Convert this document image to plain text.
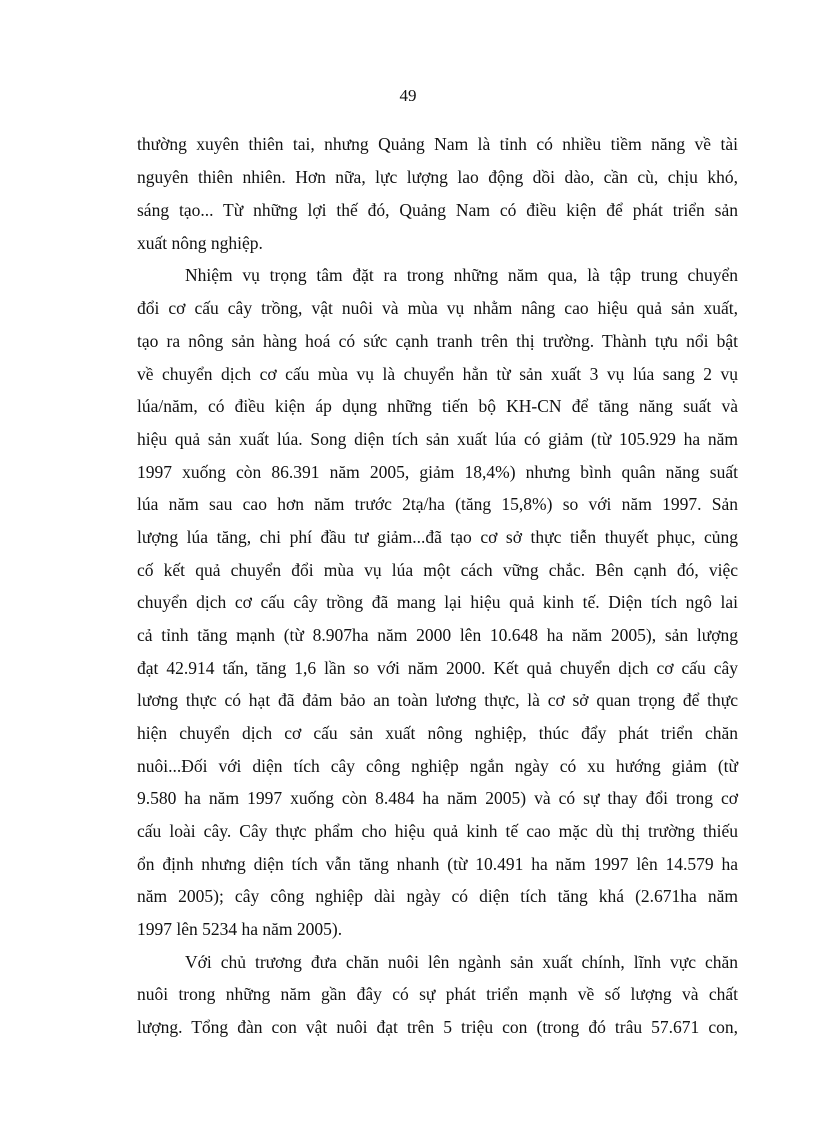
49
thường xuyên thiên tai, nhưng Quảng Nam là tỉnh có nhiều tiềm năng về tài
nguyên thiên nhiên. Hơn nữa, lực lượng lao động dồi dào, cần cù, chịu khó,
sáng tạo... Từ những lợi thế đó, Quảng Nam có điều kiện để phát triển sản
xuất nông nghiệp.
Nhiệm vụ trọng tâm đặt ra trong những năm qua, là tập trung chuyển
đổi cơ cấu cây trồng, vật nuôi và mùa vụ nhằm nâng cao hiệu quả sản xuất,
tạo ra nông sản hàng hoá có sức cạnh tranh trên thị trường. Thành tựu nổi bật
về chuyển dịch cơ cấu mùa vụ là chuyển hẳn từ sản xuất 3 vụ lúa sang 2 vụ
lúa/năm, có điều kiện áp dụng những tiến bộ KH-CN để tăng năng suất và
hiệu quả sản xuất lúa. Song diện tích sản xuất lúa có giảm (từ 105.929 ha năm
1997 xuống còn 86.391 năm 2005, giảm 18,4%) nhưng bình quân năng suất
lúa năm sau cao hơn năm trước 2tạ/ha (tăng 15,8%) so với năm 1997. Sản
lượng lúa tăng, chi phí đầu tư giảm...đã tạo cơ sở thực tiễn thuyết phục, củng
cố kết quả chuyển đổi mùa vụ lúa một cách vững chắc. Bên cạnh đó, việc
chuyển dịch cơ cấu cây trồng đã mang lại hiệu quả kinh tế. Diện tích ngô lai
cả tỉnh tăng mạnh (từ 8.907ha năm 2000 lên 10.648 ha năm 2005), sản lượng
đạt 42.914 tấn, tăng 1,6 lần so với năm 2000. Kết quả chuyển dịch cơ cấu cây
lương thực có hạt đã đảm bảo an toàn lương thực, là cơ sở quan trọng để thực
hiện chuyển dịch cơ cấu sản xuất nông nghiệp, thúc đẩy phát triển chăn
nuôi...Đối với diện tích cây công nghiệp ngắn ngày có xu hướng giảm (từ
9.580 ha năm 1997 xuống còn 8.484 ha năm 2005) và có sự thay đổi trong cơ
cấu loài cây. Cây thực phẩm cho hiệu quả kinh tế cao mặc dù thị trường thiếu
ổn định nhưng diện tích vẫn tăng nhanh (từ 10.491 ha năm 1997 lên 14.579 ha
năm 2005); cây công nghiệp dài ngày có diện tích tăng khá (2.671ha năm
1997 lên 5234 ha năm 2005).
Với chủ trương đưa chăn nuôi lên ngành sản xuất chính, lĩnh vực chăn
nuôi trong những năm gần đây có sự phát triển mạnh về số lượng và chất
lượng. Tổng đàn con vật nuôi đạt trên 5 triệu con (trong đó trâu 57.671 con,
